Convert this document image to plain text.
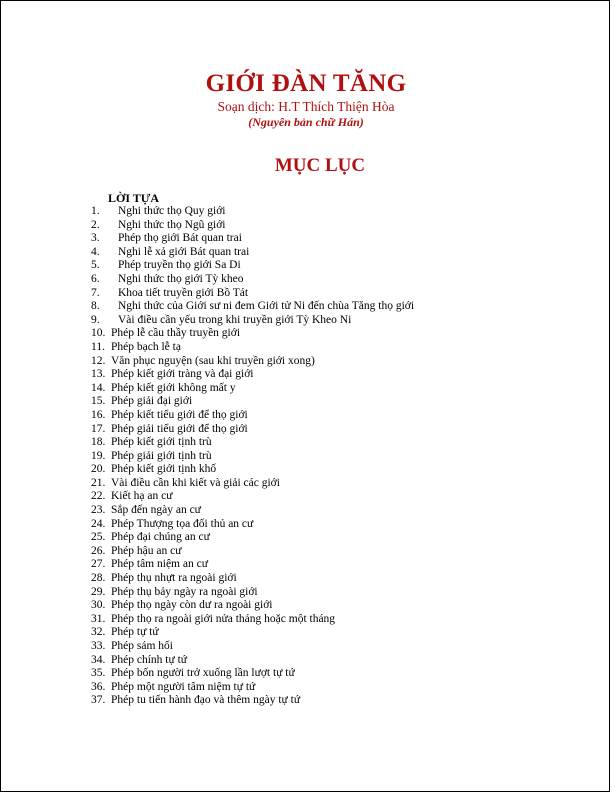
GIỚI ĐÀN TĂNG
Soạn dịch: H.T Thích Thiện Hòa
(Nguyên bản chữ Hán)
MỤC LỤC
LỜI TỰA
1. Nghi thức thọ Quy giới
2. Nghi thức thọ Ngũ giới
3. Phép thọ giới Bát quan trai
4. Nghi lễ xả giới Bát quan trai
5. Phép truyền thọ giới Sa Di
6. Nghi thức thọ giới Tỳ kheo
7. Khoa tiết truyền giới Bồ Tát
8. Nghi thức của Giới sư ni đem Giới tử Ni đến chùa Tăng thọ giới
9. Vài điều cần yếu trong khi truyền giới Tỳ Kheo Ni
10. Phép lễ cầu thầy truyền giới
11. Phép bạch lễ tạ
12. Văn phục nguyện (sau khi truyền giới xong)
13. Phép kiết giới tràng và đại giới
14. Phép kiết giới không mất y
15. Phép giải đại giới
16. Phép kiết tiểu giới để thọ giới
17. Phép giải tiểu giới để thọ giới
18. Phép kiết giới tịnh trù
19. Phép giải giới tịnh trù
20. Phép kiết giới tịnh khố
21. Vài điều cần khi kiết và giải các giới
22. Kiết hạ an cư
23. Sắp đến ngày an cư
24. Phép Thượng tọa đối thủ an cư
25. Phép đại chúng an cư
26. Phép hậu an cư
27. Phép tâm niệm an cư
28. Phép thụ nhựt ra ngoài giới
29. Phép thụ bảy ngày ra ngoài giới
30. Phép thọ ngày còn dư ra ngoài giới
31. Phép thọ ra ngoài giới nửa tháng hoặc một tháng
32. Phép tự tứ
33. Phép sám hối
34. Phép chính tự tứ
35. Phép bốn người trở xuống lần lượt tự tứ
36. Phép một người tâm niệm tự tứ
37. Phép tu tiến hành đạo và thêm ngày tự tứ
